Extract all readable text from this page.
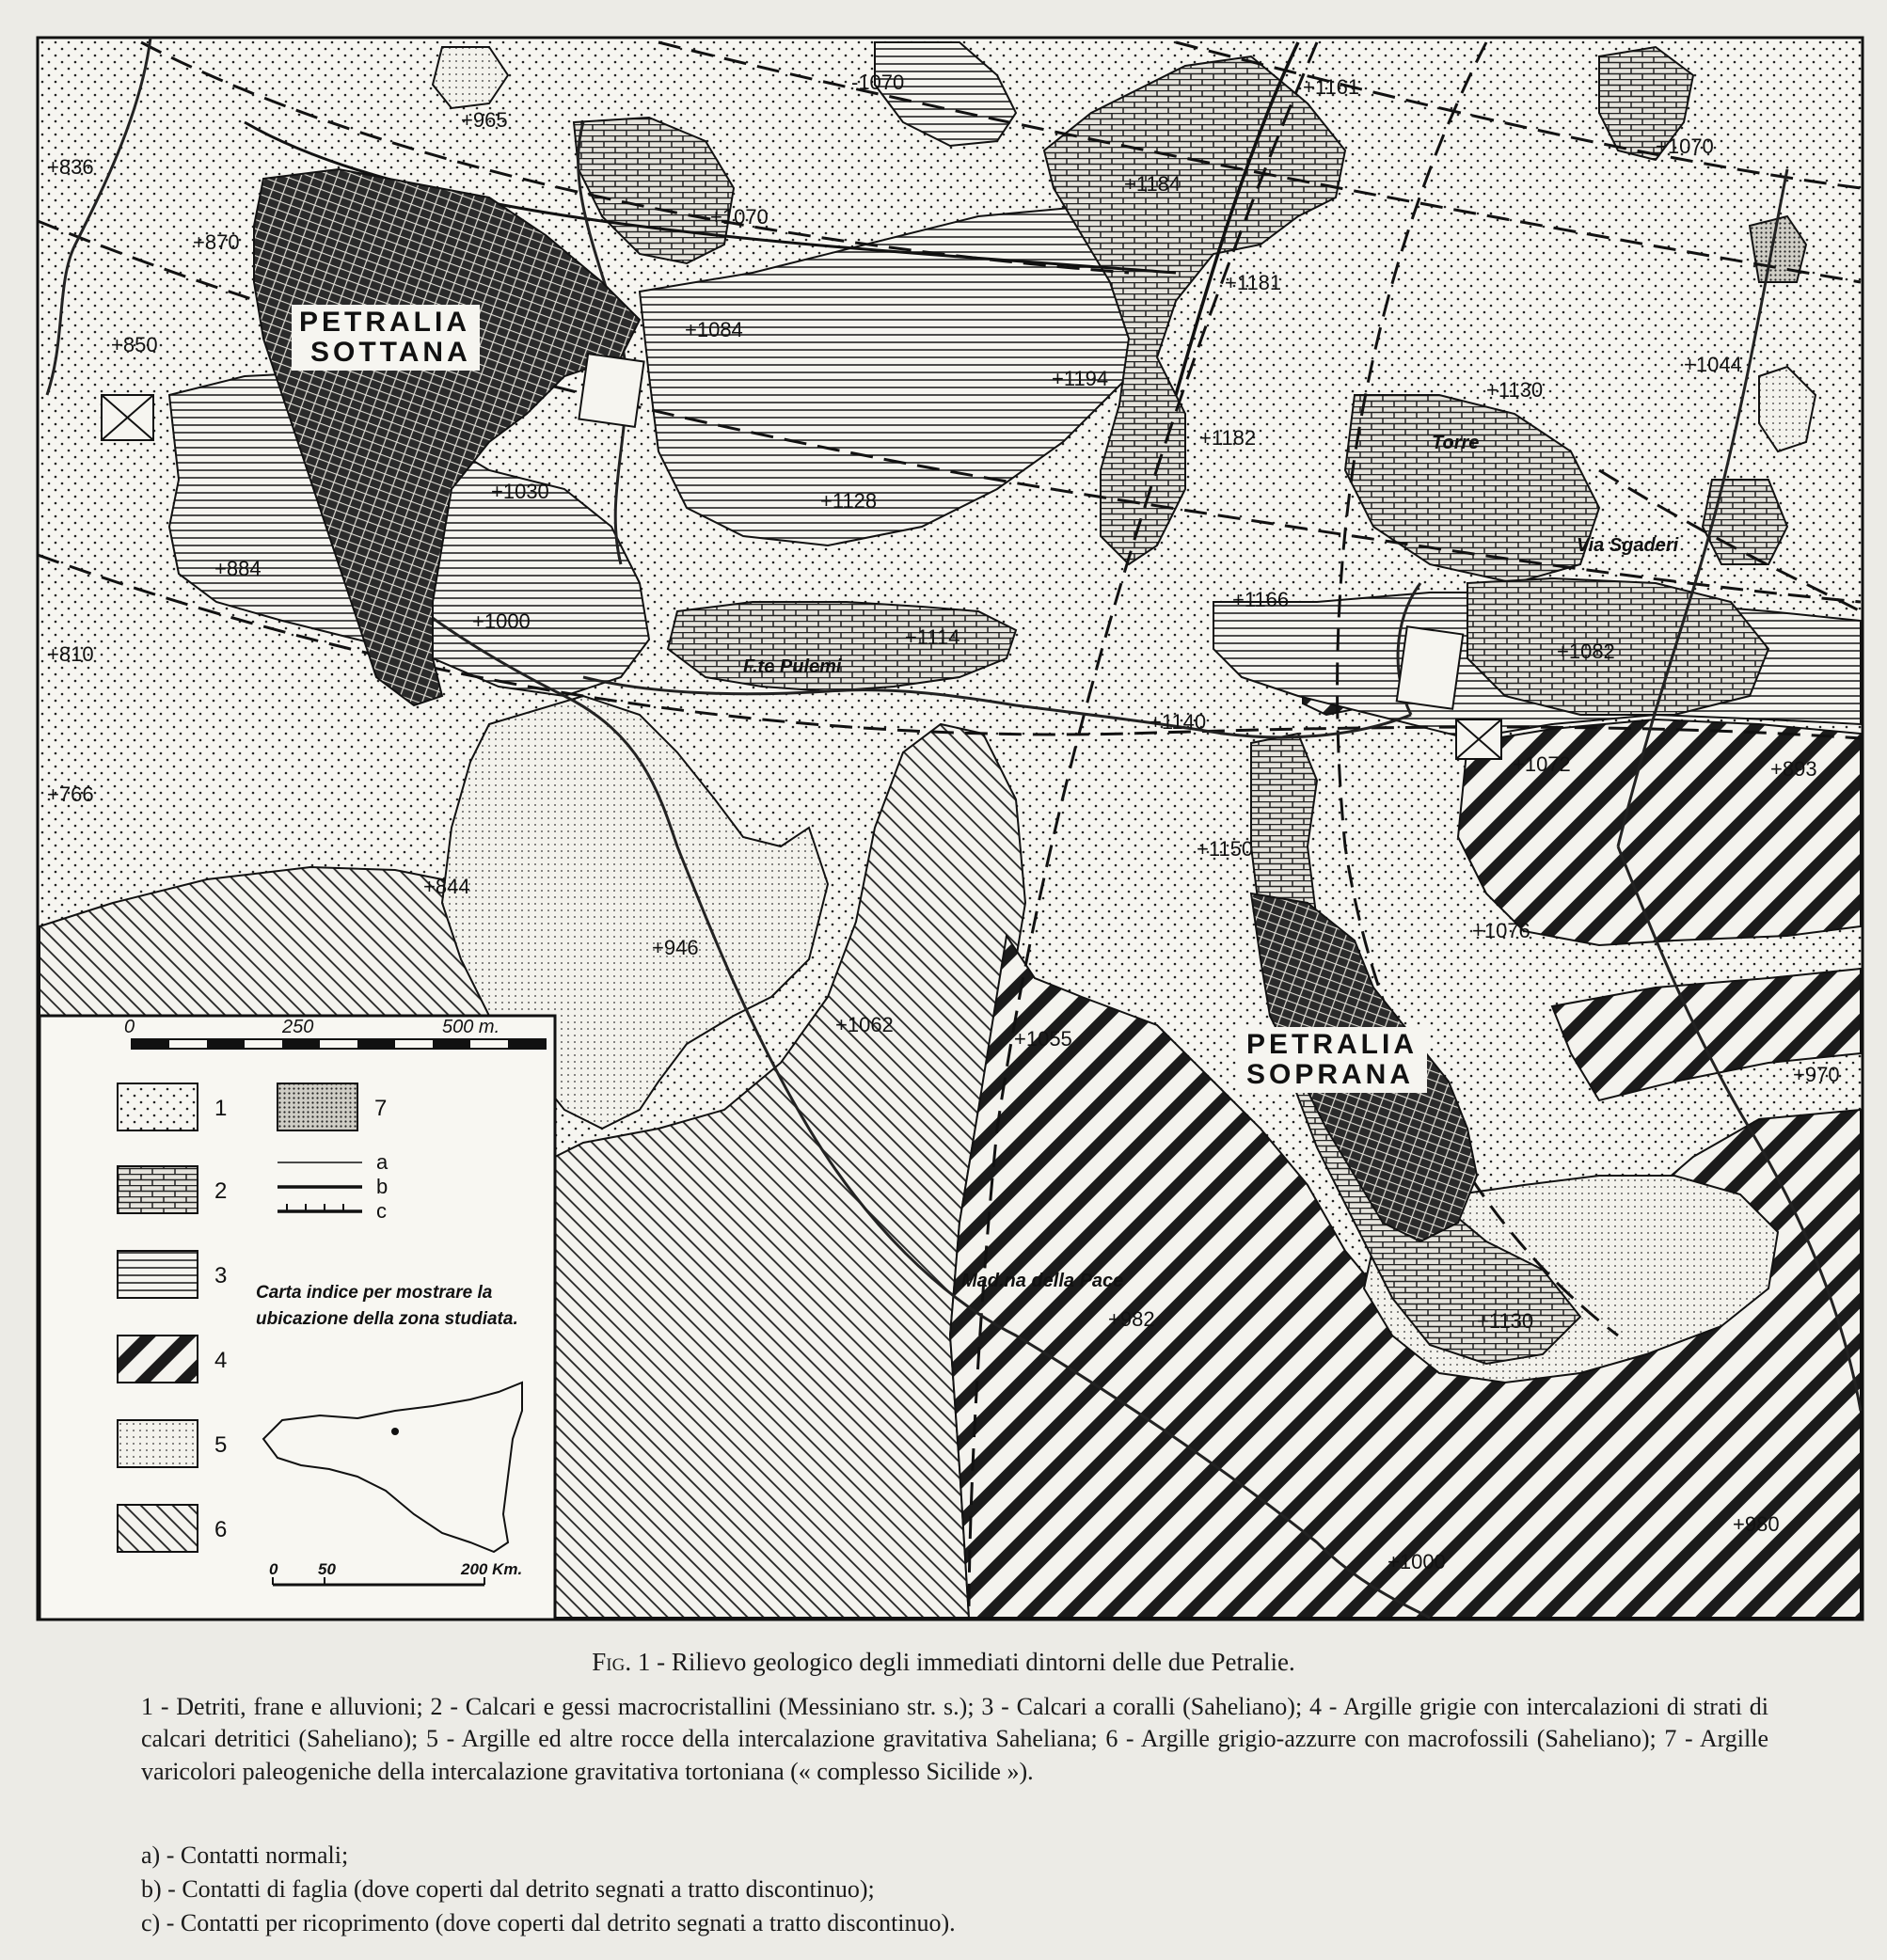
PETRALIA
SOTTANA
PETRALIA
SOPRANA
+836
+965
-1070	+1161
+1070
+870
+1070
+1184
+1181
+850
+1084
+1194
+1044
+1130
+1182
+1030	+1128
+884
+1000
+1166
+1114
+810	+1082
+1140
+766
+1072	+893
+1150
+844
+946
+1076
+1062
+1055
+970
+982	+1130
+980
+1000
Torre
Via Sgaderi
F.te Pulemi
Mad.na della Pace
0	250	500 m.
1
2
3
4
5
6
7
a
b
c
Carta indice per mostrare la
ubicazione della zona studiata.
0	50	200 Km.
Fig. 1 - Rilievo geologico degli immediati dintorni delle due Petralie.
1 - Detriti, frane e alluvioni; 2 - Calcari e gessi macrocristallini (Messiniano str. s.); 3 - Calcari a coralli (Saheliano); 4 - Argille grigie con intercalazioni di strati di calcari detritici (Saheliano); 5 - Argille ed altre rocce della intercalazione gravitativa Saheliana; 6 - Argille grigio-azzurre con macrofossili (Saheliano); 7 - Argille varicolori paleogeniche della intercalazione gravitativa tortoniana (« complesso Sicilide »).
a) - Contatti normali;
b) - Contatti di faglia (dove coperti dal detrito segnati a tratto discontinuo);
c) - Contatti per ricoprimento (dove coperti dal detrito segnati a tratto discontinuo).
